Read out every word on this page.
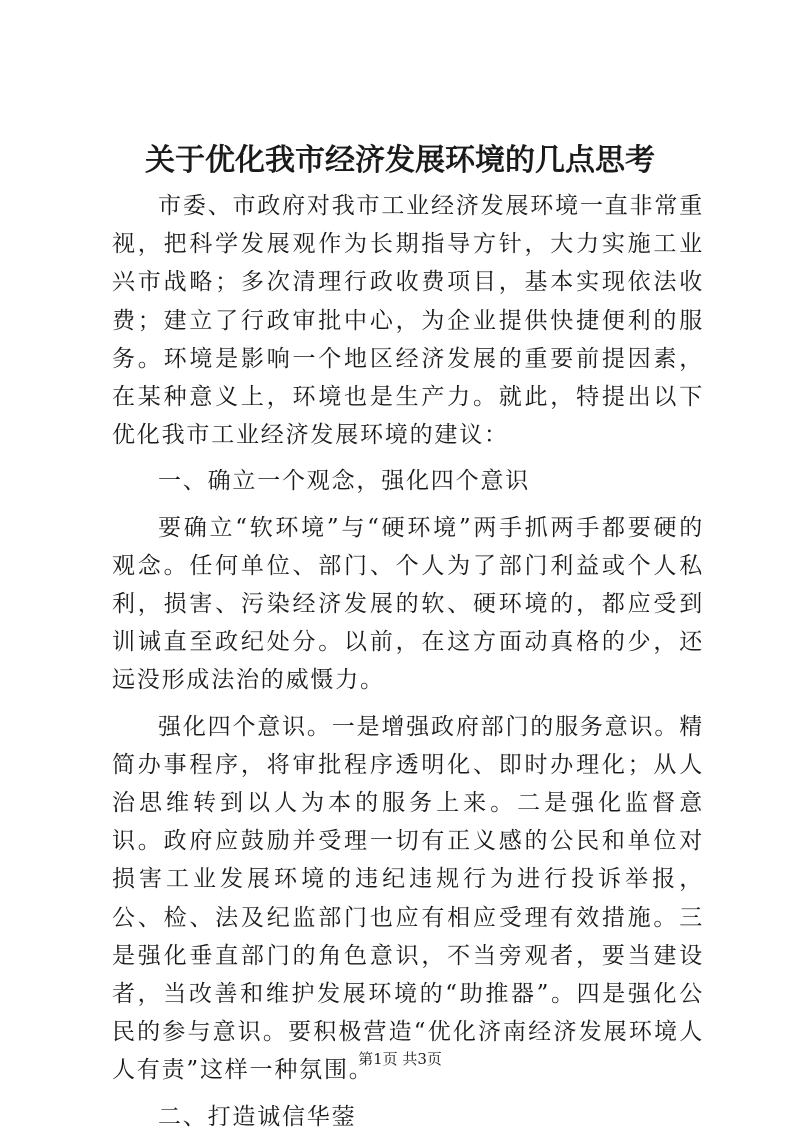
关于优化我市经济发展环境的几点思考

市委、市政府对我市工业经济发展环境一直非常重视，把科学发展观作为长期指导方针，大力实施工业兴市战略；多次清理行政收费项目，基本实现依法收费；建立了行政审批中心，为企业提供快捷便利的服务。环境是影响一个地区经济发展的重要前提因素，在某种意义上，环境也是生产力。就此，特提出以下优化我市工业经济发展环境的建议：

一、确立一个观念，强化四个意识

要确立“软环境”与“硬环境”两手抓两手都要硬的观念。任何单位、部门、个人为了部门利益或个人私利，损害、污染经济发展的软、硬环境的，都应受到训诫直至政纪处分。以前，在这方面动真格的少，还远没形成法治的威慑力。

强化四个意识。一是增强政府部门的服务意识。精简办事程序，将审批程序透明化、即时办理化；从人治思维转到以人为本的服务上来。二是强化监督意识。政府应鼓励并受理一切有正义感的公民和单位对损害工业发展环境的违纪违规行为进行投诉举报，公、检、法及纪监部门也应有相应受理有效措施。三是强化垂直部门的角色意识，不当旁观者，要当建设者，当改善和维护发展环境的“助推器”。四是强化公民的参与意识。要积极营造“优化济南经济发展环境人人有责”这样一种氛围。

二、打造诚信华蓥

第1页 共3页
